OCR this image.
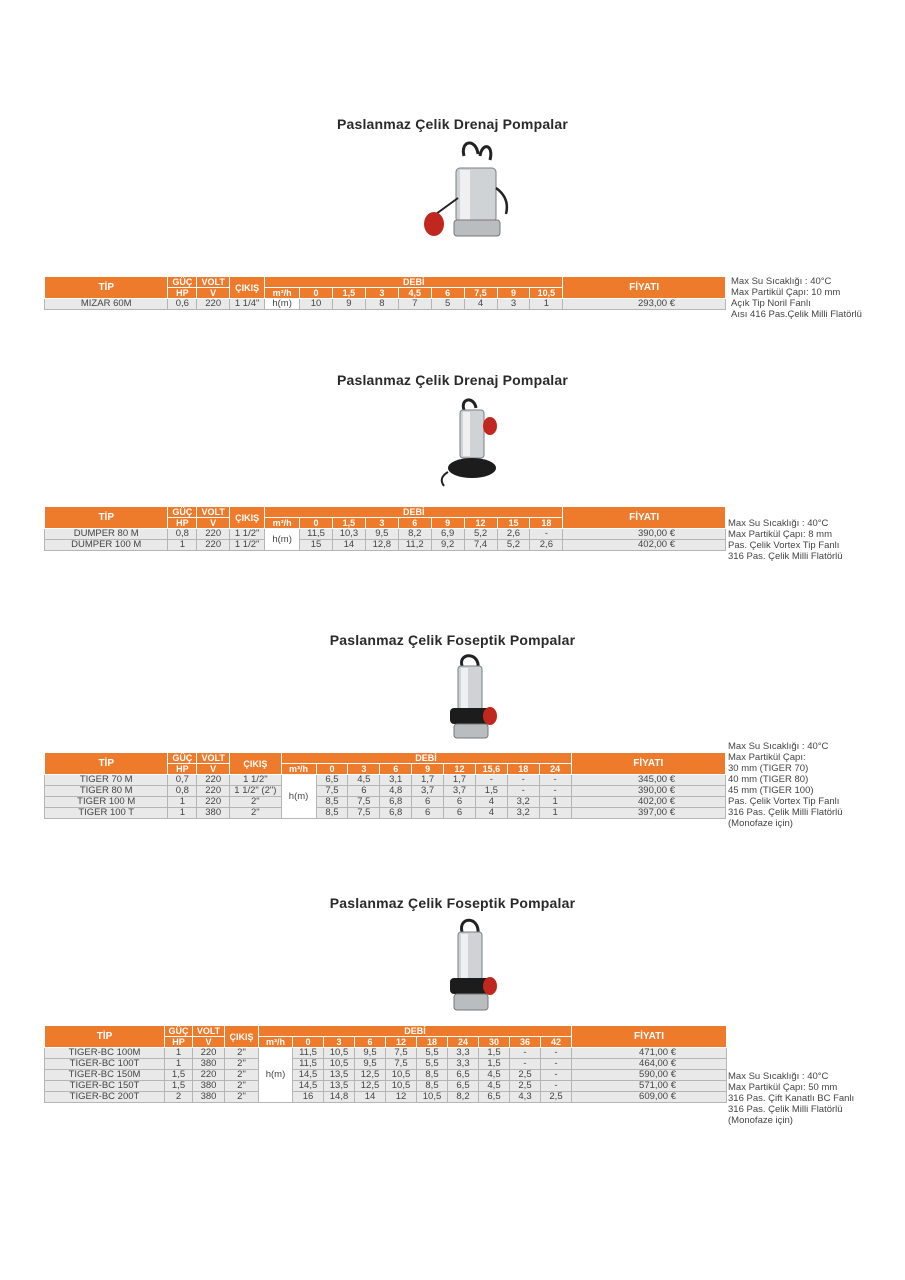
Paslanmaz Çelik Drenaj Pompalar
TİP	GÜÇ	VOLT	ÇIKIŞ	DEBİ									FİYATI
	HP	V		m³/h	0	1,5	3	4,5	6	7,5	9	10,5	
MIZAR 60M	0,6	220	1 1/4"	h(m)	10	9	8	7	5	4	3	1	293,00 €
Max Su Sıcaklığı : 40°C
Max Partikül Çapı: 10 mm
Açık Tip Noril Fanlı
Aısı 416 Pas.Çelik Milli Flatörlü
Paslanmaz Çelik Drenaj Pompalar
TİP	GÜÇ	VOLT	ÇIKIŞ	DEBİ									FİYATI
	HP	V		m³/h	0	1,5	3	6	9	12	15	18	
DUMPER 80 M	0,8	220	1 1/2"	h(m)	11,5	10,3	9,5	8,2	6,9	5,2	2,6	-	390,00 €
DUMPER 100 M	1	220	1 1/2"		15	14	12,8	11,2	9,2	7,4	5,2	2,6	402,00 €
Max Su Sıcaklığı : 40°C
Max Partikül Çapı: 8 mm
Pas. Çelik Vortex Tip Fanlı
316 Pas. Çelik Milli Flatörlü
Paslanmaz Çelik Foseptik Pompalar
TİP	GÜÇ	VOLT	ÇIKIŞ	DEBİ									FİYATI
	HP	V		m³/h	0	3	6	9	12	15,6	18	24	
TIGER 70 M	0,7	220	1 1/2"	h(m)	6,5	4,5	3,1	1,7	1,7	-	-	-	345,00 €
TIGER 80 M	0,8	220	1 1/2" (2")		7,5	6	4,8	3,7	3,7	1,5	-	-	390,00 €
TIGER 100 M	1	220	2"		8,5	7,5	6,8	6	6	4	3,2	1	402,00 €
TIGER 100 T	1	380	2"		8,5	7,5	6,8	6	6	4	3,2	1	397,00 €
Max Su Sıcaklığı : 40°C
Max Partikül Çapı:
30 mm (TIGER 70)
40 mm (TIGER 80)
45 mm (TIGER 100)
Pas. Çelik Vortex Tip Fanlı
316 Pas. Çelik Milli Flatörlü
(Monofaze için)
Paslanmaz Çelik Foseptik Pompalar
TİP	GÜÇ	VOLT	ÇIKIŞ	DEBİ										FİYATI
	HP	V		m³/h	0	3	6	12	18	24	30	36	42	
TIGER-BC 100M	1	220	2"	h(m)	11,5	10,5	9,5	7,5	5,5	3,3	1,5	-	-	471,00 €
TIGER-BC 100T	1	380	2"		11,5	10,5	9,5	7,5	5,5	3,3	1,5	-	-	464,00 €
TIGER-BC 150M	1,5	220	2"		14,5	13,5	12,5	10,5	8,5	6,5	4,5	2,5	-	590,00 €
TIGER-BC 150T	1,5	380	2"		14,5	13,5	12,5	10,5	8,5	6,5	4,5	2,5	-	571,00 €
TIGER-BC 200T	2	380	2"		16	14,8	14	12	10,5	8,2	6,5	4,3	2,5	609,00 €
Max Su Sıcaklığı : 40°C
Max Partikül Çapı: 50 mm
316 Pas. Çift Kanatlı BC Fanlı
316 Pas. Çelik Milli Flatörlü
(Monofaze için)
